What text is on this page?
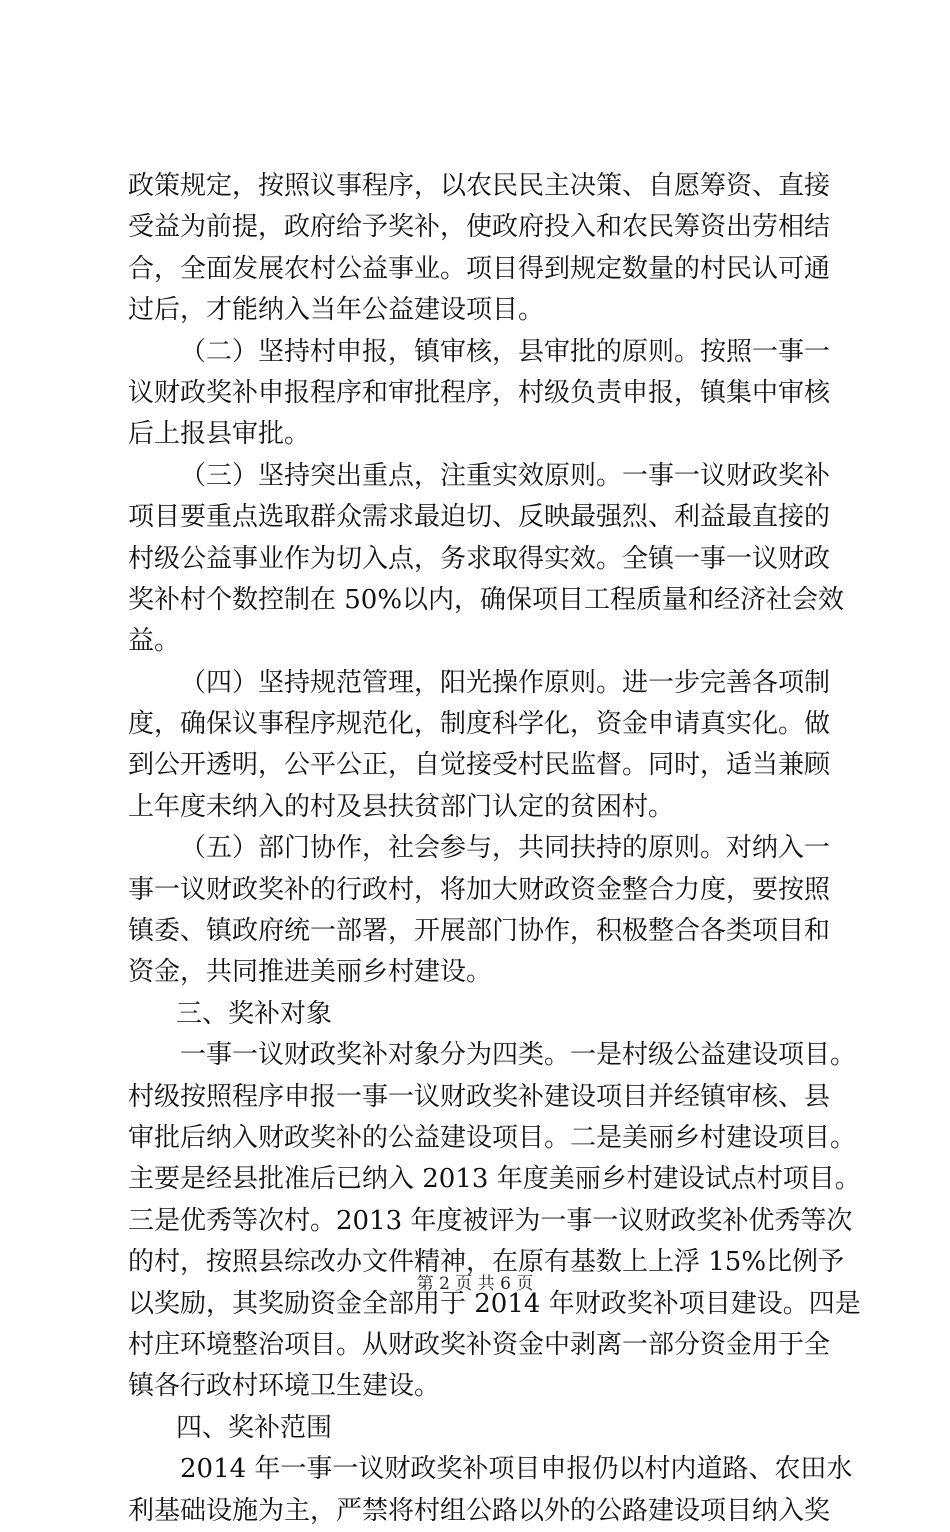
政策规定，按照议事程序，以农民民主决策、自愿筹资、直接
受益为前提，政府给予奖补，使政府投入和农民筹资出劳相结
合，全面发展农村公益事业。项目得到规定数量的村民认可通
过后，才能纳入当年公益建设项目。
（二）坚持村申报，镇审核，县审批的原则。按照一事一
议财政奖补申报程序和审批程序，村级负责申报，镇集中审核
后上报县审批。
（三）坚持突出重点，注重实效原则。一事一议财政奖补
项目要重点选取群众需求最迫切、反映最强烈、利益最直接的
村级公益事业作为切入点，务求取得实效。全镇一事一议财政
奖补村个数控制在 50%以内，确保项目工程质量和经济社会效
益。
（四）坚持规范管理，阳光操作原则。进一步完善各项制
度，确保议事程序规范化，制度科学化，资金申请真实化。做
到公开透明，公平公正，自觉接受村民监督。同时，适当兼顾
上年度未纳入的村及县扶贫部门认定的贫困村。
（五）部门协作，社会参与，共同扶持的原则。对纳入一
事一议财政奖补的行政村，将加大财政资金整合力度，要按照
镇委、镇政府统一部署，开展部门协作，积极整合各类项目和
资金，共同推进美丽乡村建设。
三、奖补对象
一事一议财政奖补对象分为四类。一是村级公益建设项目。
村级按照程序申报一事一议财政奖补建设项目并经镇审核、县
审批后纳入财政奖补的公益建设项目。二是美丽乡村建设项目。
主要是经县批准后已纳入 2013 年度美丽乡村建设试点村项目。
三是优秀等次村。2013 年度被评为一事一议财政奖补优秀等次
的村，按照县综改办文件精神，在原有基数上上浮 15%比例予
以奖励，其奖励资金全部用于 2014 年财政奖补项目建设。四是
村庄环境整治项目。从财政奖补资金中剥离一部分资金用于全
镇各行政村环境卫生建设。
四、奖补范围
2014 年一事一议财政奖补项目申报仍以村内道路、农田水
利基础设施为主，严禁将村组公路以外的公路建设项目纳入奖
第 2 页 共 6 页
